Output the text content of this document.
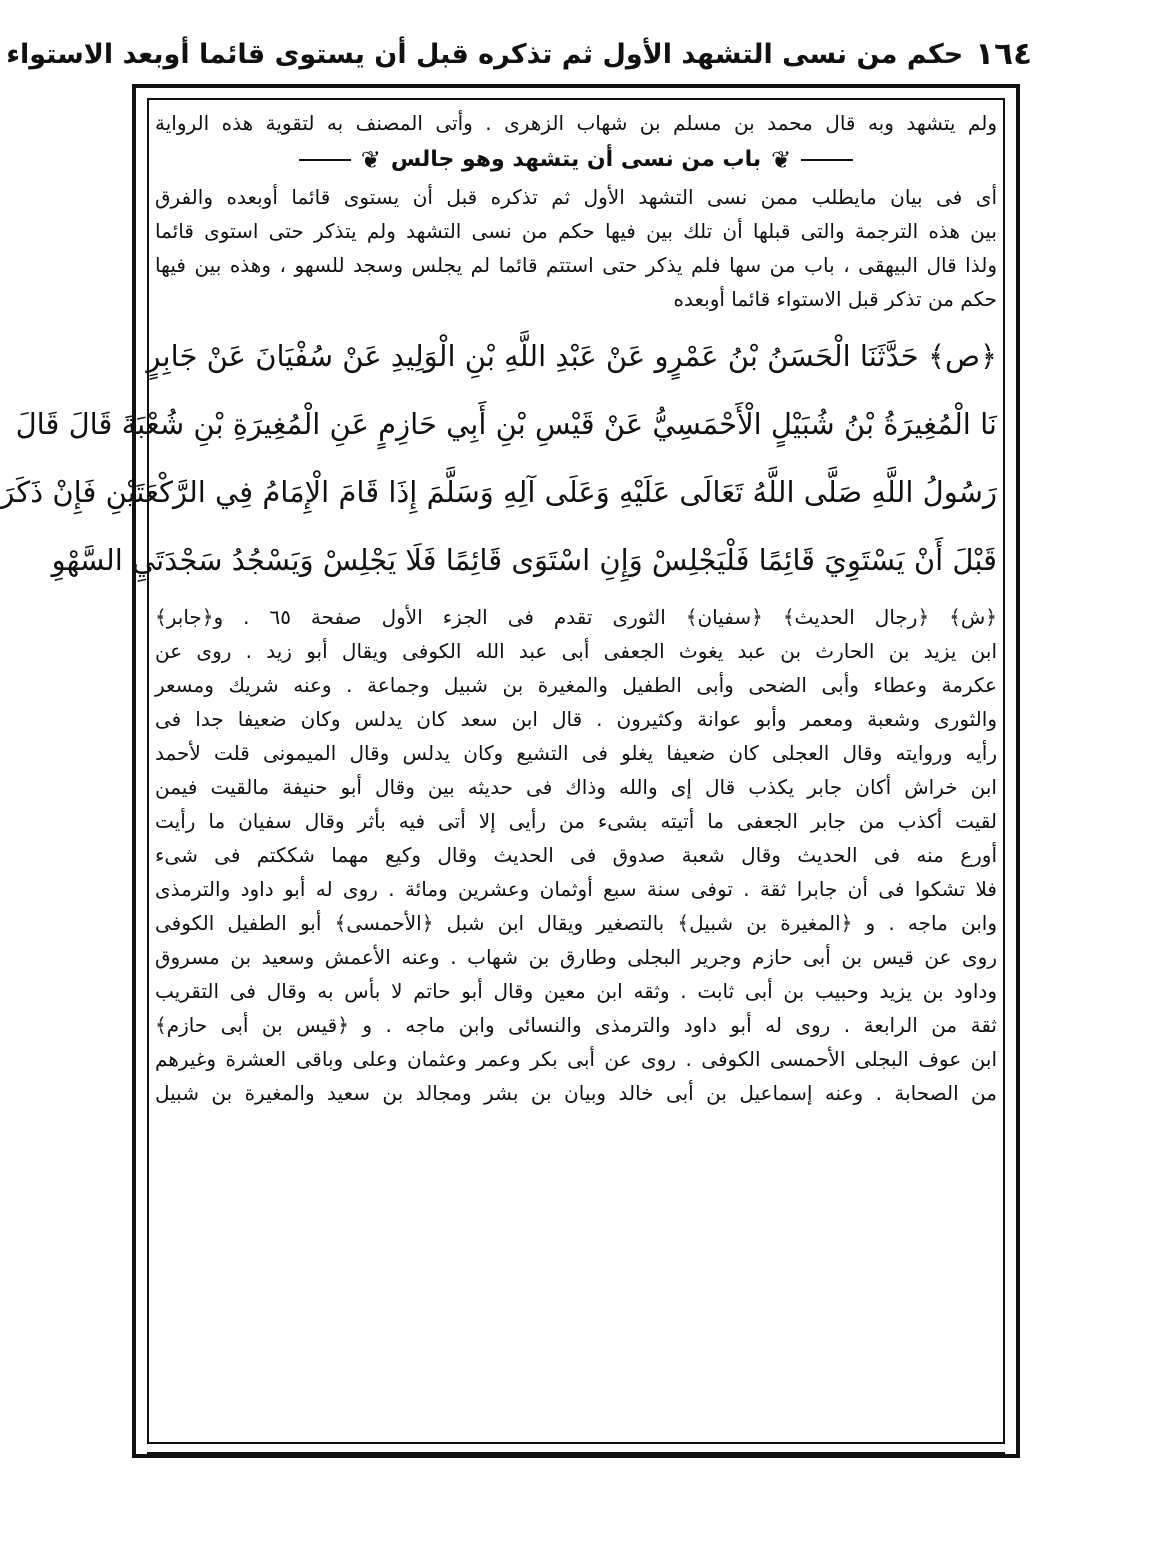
١٦٤
حكم من نسى التشهد الأول ثم تذكره قبل أن يستوى قائما أوبعد الاستواء
ولم يتشهد وبه قال محمد بن مسلم بن شهاب الزهرى . وأتى المصنف به لتقوية هذه الرواية
❦
باب من نسى أن يتشهد وهو جالس
❦
أى فى بيان مايطلب ممن نسى التشهد الأول ثم تذكره قبل أن يستوى قائما أوبعده والفرق
بين هذه الترجمة والتى قبلها أن تلك بين فيها حكم من نسى التشهد ولم يتذكر حتى استوى قائما
ولذا قال البيهقى ، باب من سها فلم يذكر حتى استتم قائما لم يجلس وسجد للسهو ، وهذه بين فيها
حكم من تذكر قبل الاستواء قائما أوبعده
﴿ص﴾ حَدَّثَنَا الْحَسَنُ بْنُ عَمْرٍو عَنْ عَبْدِ اللَّهِ بْنِ الْوَلِيدِ عَنْ سُفْيَانَ عَنْ جَابِرٍ
نَا الْمُغِيرَةُ بْنُ شُبَيْلٍ الْأَحْمَسِيُّ عَنْ قَيْسِ بْنِ أَبِي حَازِمٍ عَنِ الْمُغِيرَةِ بْنِ شُعْبَةَ قَالَ قَالَ
رَسُولُ اللَّهِ صَلَّى اللَّهُ تَعَالَى عَلَيْهِ وَعَلَى آلِهِ وَسَلَّمَ إِذَا قَامَ الْإِمَامُ فِي الرَّكْعَتَيْنِ فَإِنْ ذَكَرَ
قَبْلَ أَنْ يَسْتَوِيَ قَائِمًا فَلْيَجْلِسْ وَإِنِ اسْتَوَى قَائِمًا فَلَا يَجْلِسْ وَيَسْجُدُ سَجْدَتَيِ السَّهْوِ
﴿ش﴾ ﴿رجال الحديث﴾ ﴿سفيان﴾ الثورى تقدم فى الجزء الأول صفحة ٦٥ . و﴿جابر﴾
ابن يزيد بن الحارث بن عبد يغوث الجعفى أبى عبد الله الكوفى ويقال أبو زيد . روى عن
عكرمة وعطاء وأبى الضحى وأبى الطفيل والمغيرة بن شبيل وجماعة . وعنه شريك ومسعر
والثورى وشعبة ومعمر وأبو عوانة وكثيرون . قال ابن سعد كان يدلس وكان ضعيفا جدا فى
رأيه وروايته وقال العجلى كان ضعيفا يغلو فى التشيع وكان يدلس وقال الميمونى قلت لأحمد
ابن خراش أكان جابر يكذب قال إى والله وذاك فى حديثه بين وقال أبو حنيفة مالقيت فيمن
لقيت أكذب من جابر الجعفى ما أتيته بشىء من رأيى إلا أتى فيه بأثر وقال سفيان ما رأيت
أورع منه فى الحديث وقال شعبة صدوق فى الحديث وقال وكيع مهما شككتم فى شىء
فلا تشكوا فى أن جابرا ثقة . توفى سنة سبع أوثمان وعشرين ومائة . روى له أبو داود والترمذى
وابن ماجه . و ﴿المغيرة بن شبيل﴾ بالتصغير ويقال ابن شبل ﴿الأحمسى﴾ أبو الطفيل الكوفى
روى عن قيس بن أبى حازم وجرير البجلى وطارق بن شهاب . وعنه الأعمش وسعيد بن مسروق
وداود بن يزيد وحبيب بن أبى ثابت . وثقه ابن معين وقال أبو حاتم لا بأس به وقال فى التقريب
ثقة من الرابعة . روى له أبو داود والترمذى والنسائى وابن ماجه . و ﴿قيس بن أبى حازم﴾
ابن عوف البجلى الأحمسى الكوفى . روى عن أبى بكر وعمر وعثمان وعلى وباقى العشرة وغيرهم
من الصحابة . وعنه إسماعيل بن أبى خالد وبيان بن بشر ومجالد بن سعيد والمغيرة بن شبيل
